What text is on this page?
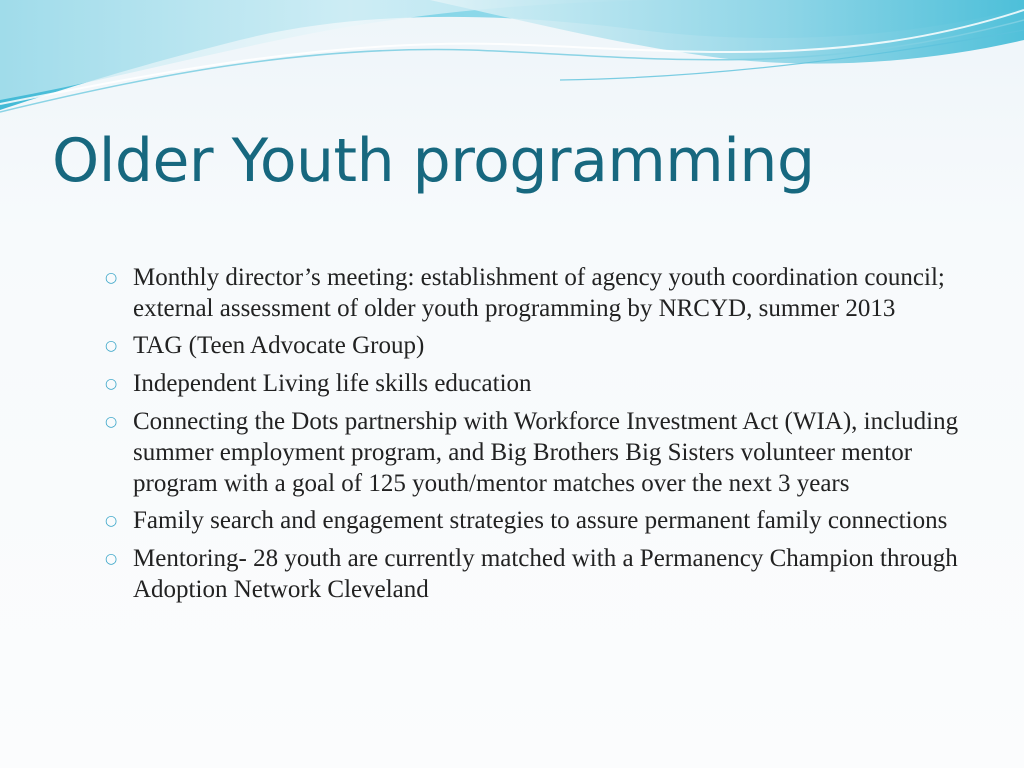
Older Youth programming
○ Monthly director’s meeting: establishment of agency youth coordination council; external assessment of older youth programming by NRCYD, summer 2013
○ TAG (Teen Advocate Group)
○ Independent Living life skills education
○ Connecting the Dots partnership with Workforce Investment Act (WIA), including summer employment program, and Big Brothers Big Sisters volunteer mentor program with a goal of 125 youth/mentor matches over the next 3 years
○ Family search and engagement strategies to assure permanent family connections
○ Mentoring- 28 youth are currently matched with a Permanency Champion through Adoption Network Cleveland
